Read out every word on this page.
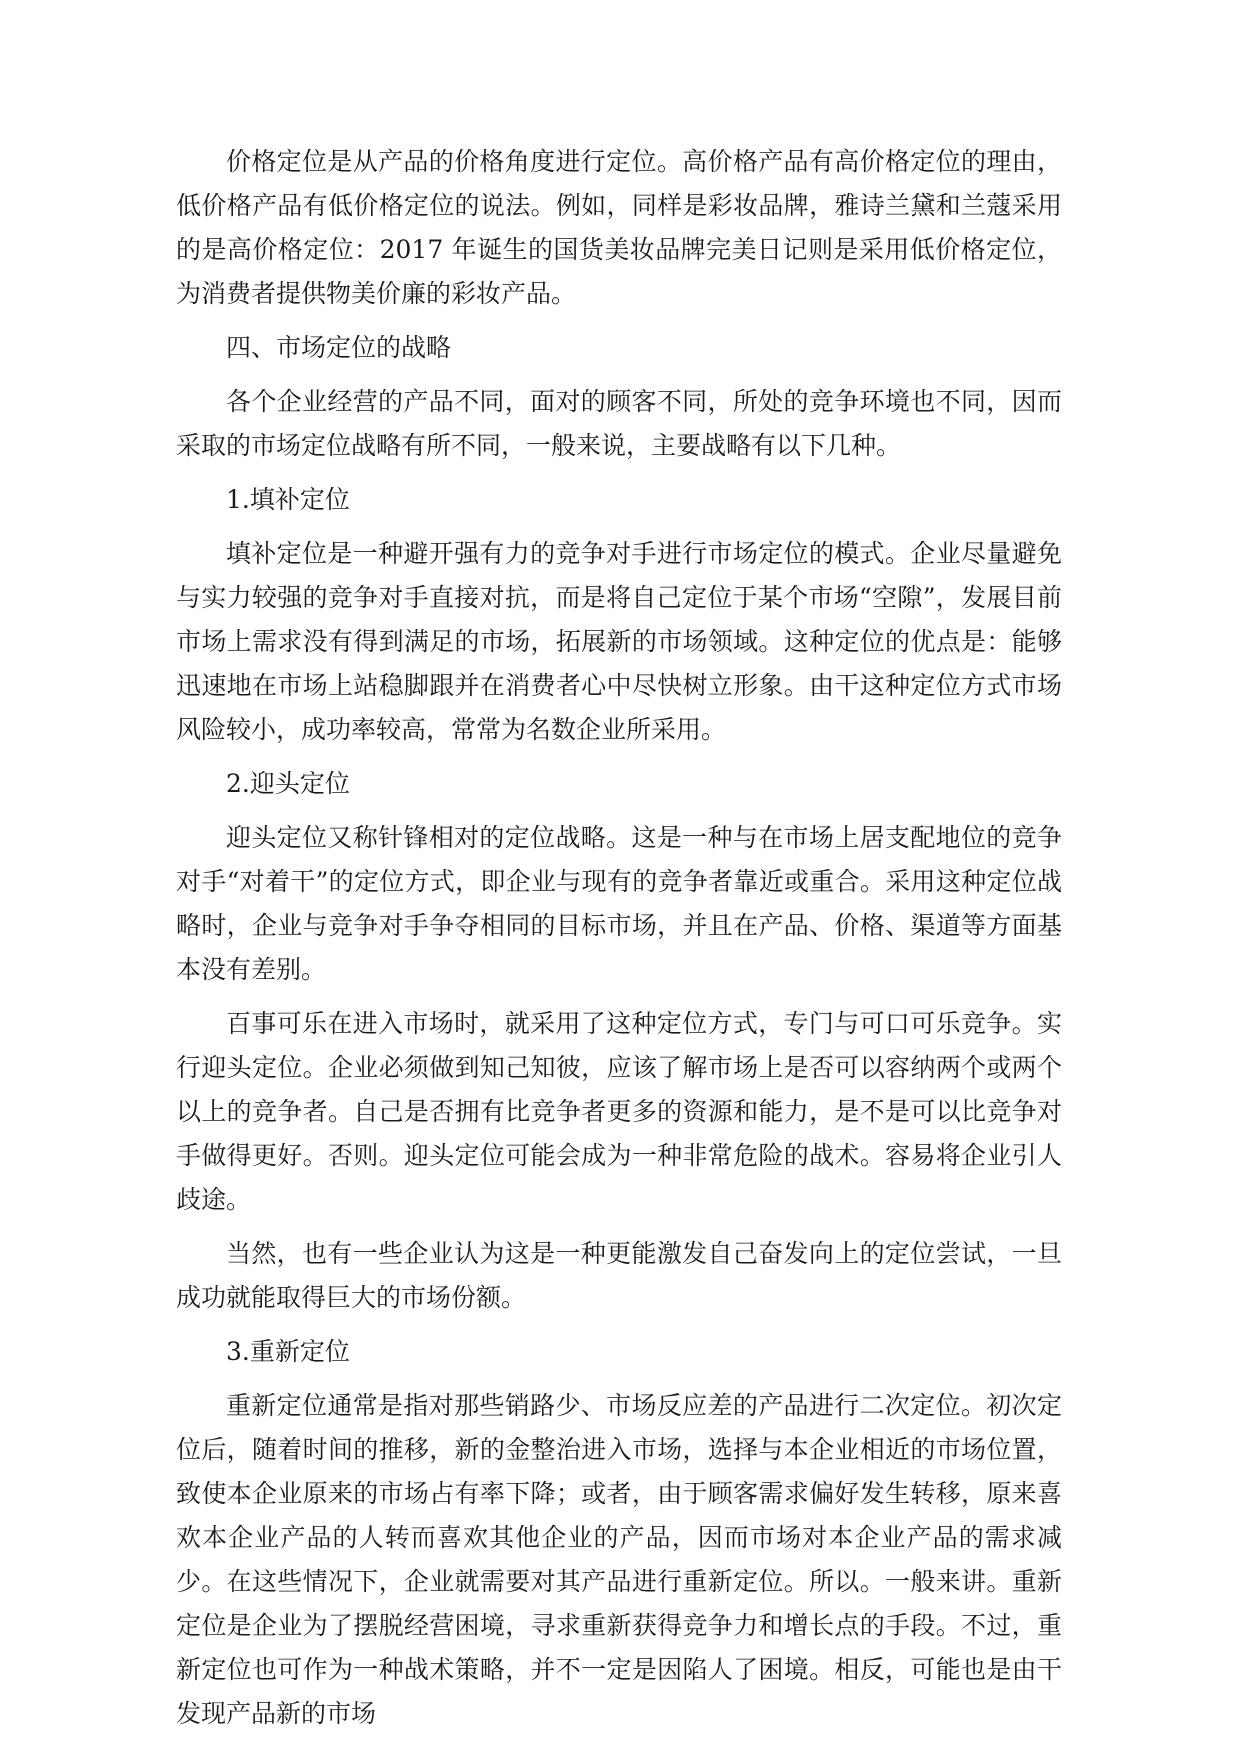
价格定位是从产品的价格角度进行定位。高价格产品有高价格定位的理由，低价格产品有低价格定位的说法。例如，同样是彩妆品牌，雅诗兰黛和兰蔻采用的是高价格定位：2017 年诞生的国货美妆品牌完美日记则是采用低价格定位，为消费者提供物美价廉的彩妆产品。

四、市场定位的战略

各个企业经营的产品不同，面对的顾客不同，所处的竞争环境也不同，因而采取的市场定位战略有所不同，一般来说，主要战略有以下几种。

1.填补定位

填补定位是一种避开强有力的竞争对手进行市场定位的模式。企业尽量避免与实力较强的竞争对手直接对抗，而是将自己定位于某个市场“空隙”，发展目前市场上需求没有得到满足的市场，拓展新的市场领域。这种定位的优点是：能够迅速地在市场上站稳脚跟并在消费者心中尽快树立形象。由干这种定位方式市场风险较小，成功率较高，常常为名数企业所采用。

2.迎头定位

迎头定位又称针锋相对的定位战略。这是一种与在市场上居支配地位的竞争对手“对着干”的定位方式，即企业与现有的竞争者靠近或重合。采用这种定位战略时，企业与竞争对手争夺相同的目标市场，并且在产品、价格、渠道等方面基本没有差别。

百事可乐在进入市场时，就采用了这种定位方式，专门与可口可乐竞争。实行迎头定位。企业必须做到知己知彼，应该了解市场上是否可以容纳两个或两个以上的竞争者。自己是否拥有比竞争者更多的资源和能力，是不是可以比竞争对手做得更好。否则。迎头定位可能会成为一种非常危险的战术。容易将企业引人歧途。

当然，也有一些企业认为这是一种更能激发自己奋发向上的定位尝试，一旦成功就能取得巨大的市场份额。

3.重新定位

重新定位通常是指对那些销路少、市场反应差的产品进行二次定位。初次定位后，随着时间的推移，新的金整治进入市场，选择与本企业相近的市场位置，致使本企业原来的市场占有率下降；或者，由于顾客需求偏好发生转移，原来喜欢本企业产品的人转而喜欢其他企业的产品，因而市场对本企业产品的需求减少。在这些情况下，企业就需要对其产品进行重新定位。所以。一般来讲。重新定位是企业为了摆脱经营困境，寻求重新获得竞争力和增长点的手段。不过，重新定位也可作为一种战术策略，并不一定是因陷人了困境。相反，可能也是由干发现产品新的市场
